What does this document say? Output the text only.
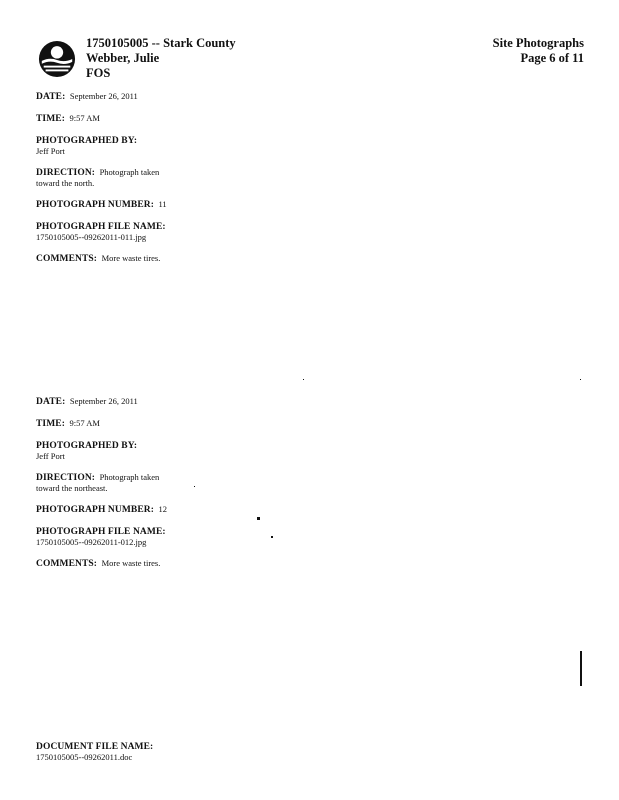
1750105005 -- Stark County
Webber, Julie
FOS
Site Photographs
Page 6 of 11

DATE: September 26, 2011

TIME: 9:57 AM

PHOTOGRAPHED BY:

Jeff Port

DIRECTION: Photograph taken

toward the north.

PHOTOGRAPH NUMBER: 11

PHOTOGRAPH FILE NAME:

1750105005--09262011-011.jpg

COMMENTS: More waste tires.

DATE: September 26, 2011

TIME: 9:57 AM

PHOTOGRAPHED BY:

Jeff Port

DIRECTION: Photograph taken

toward the northeast.

PHOTOGRAPH NUMBER: 12

PHOTOGRAPH FILE NAME:

1750105005--09262011-012.jpg

COMMENTS: More waste tires.

DOCUMENT FILE NAME:

1750105005--09262011.doc
